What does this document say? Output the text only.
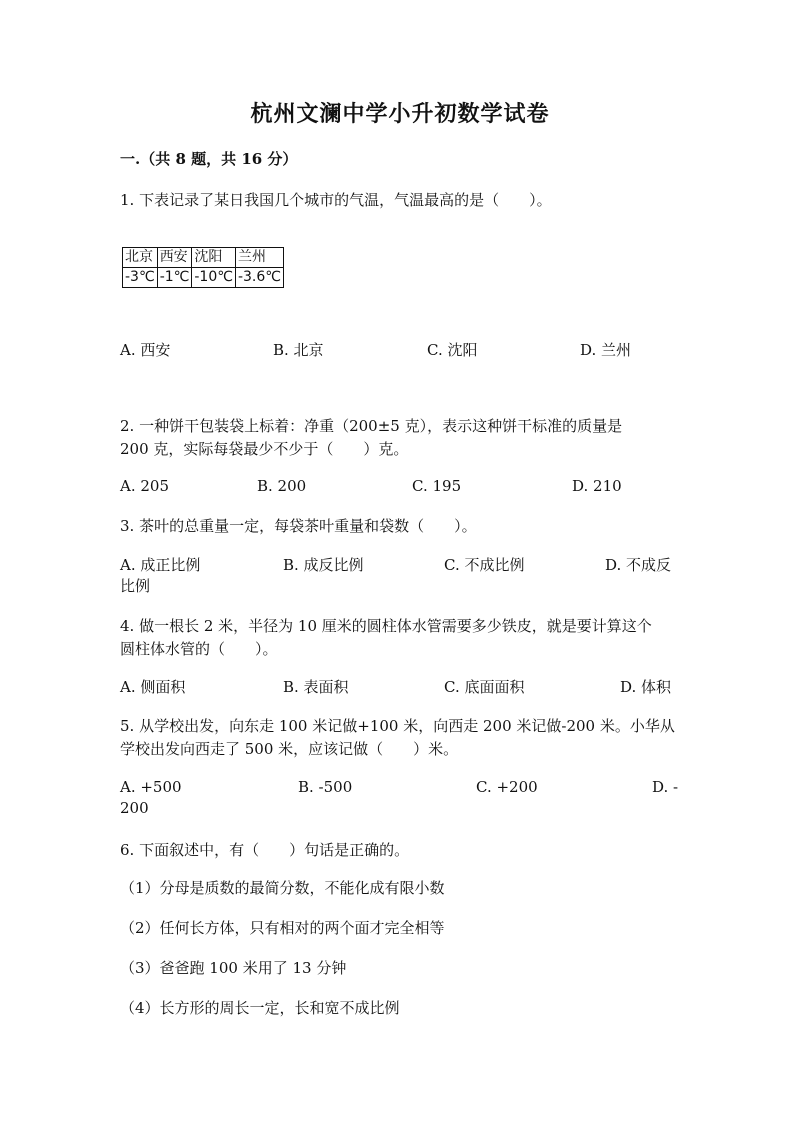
杭州文澜中学小升初数学试卷
一.（共 8 题，共 16 分）
1. 下表记录了某日我国几个城市的气温，气温最高的是（　　）。
北京	西安	沈阳	兰州
-3℃	-1℃	-10℃	-3.6℃
A. 西安	B. 北京	C. 沈阳	D. 兰州
2. 一种饼干包装袋上标着：净重（200±5 克），表示这种饼干标准的质量是
200 克，实际每袋最少不少于（　　）克。
A. 205	B. 200	C. 195	D. 210
3. 茶叶的总重量一定，每袋茶叶重量和袋数（　　）。
A. 成正比例	B. 成反比例	C. 不成比例	D. 不成反
比例
4. 做一根长 2 米，半径为 10 厘米的圆柱体水管需要多少铁皮，就是要计算这个
圆柱体水管的（　　）。
A. 侧面积	B. 表面积	C. 底面面积	D. 体积
5. 从学校出发，向东走 100 米记做+100 米，向西走 200 米记做-200 米。小华从
学校出发向西走了 500 米，应该记做（　　）米。
A. +500	B. -500	C. +200	D. -
200
6. 下面叙述中，有（　　）句话是正确的。
（1）分母是质数的最简分数，不能化成有限小数
（2）任何长方体，只有相对的两个面才完全相等
（3）爸爸跑 100 米用了 13 分钟
（4）长方形的周长一定，长和宽不成比例
